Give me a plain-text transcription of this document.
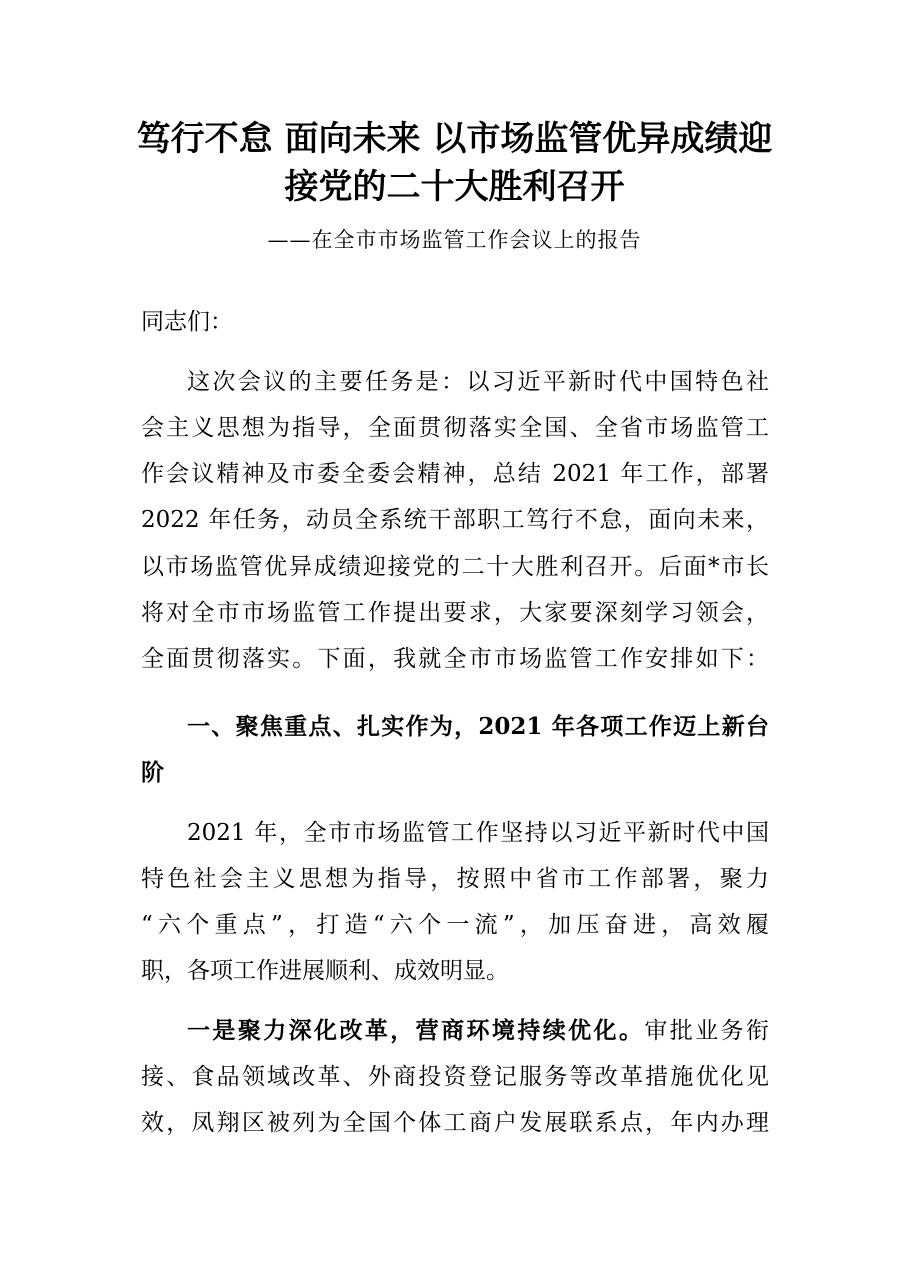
笃行不怠 面向未来 以市场监管优异成绩迎
接党的二十大胜利召开
——在全市市场监管工作会议上的报告
同志们：
这次会议的主要任务是：以习近平新时代中国特色社
会主义思想为指导，全面贯彻落实全国、全省市场监管工
作会议精神及市委全委会精神，总结 2021 年工作，部署
2022 年任务，动员全系统干部职工笃行不怠，面向未来，
以市场监管优异成绩迎接党的二十大胜利召开。后面*市长
将对全市市场监管工作提出要求，大家要深刻学习领会，
全面贯彻落实。下面，我就全市市场监管工作安排如下：
一、聚焦重点、扎实作为，2021 年各项工作迈上新台
阶
2021 年，全市市场监管工作坚持以习近平新时代中国
特色社会主义思想为指导，按照中省市工作部署，聚力
“六个重点”，打造“六个一流”，加压奋进，高效履
职，各项工作进展顺利、成效明显。
一是聚力深化改革，营商环境持续优化。审批业务衔
接、食品领域改革、外商投资登记服务等改革措施优化见
效，凤翔区被列为全国个体工商户发展联系点，年内办理
